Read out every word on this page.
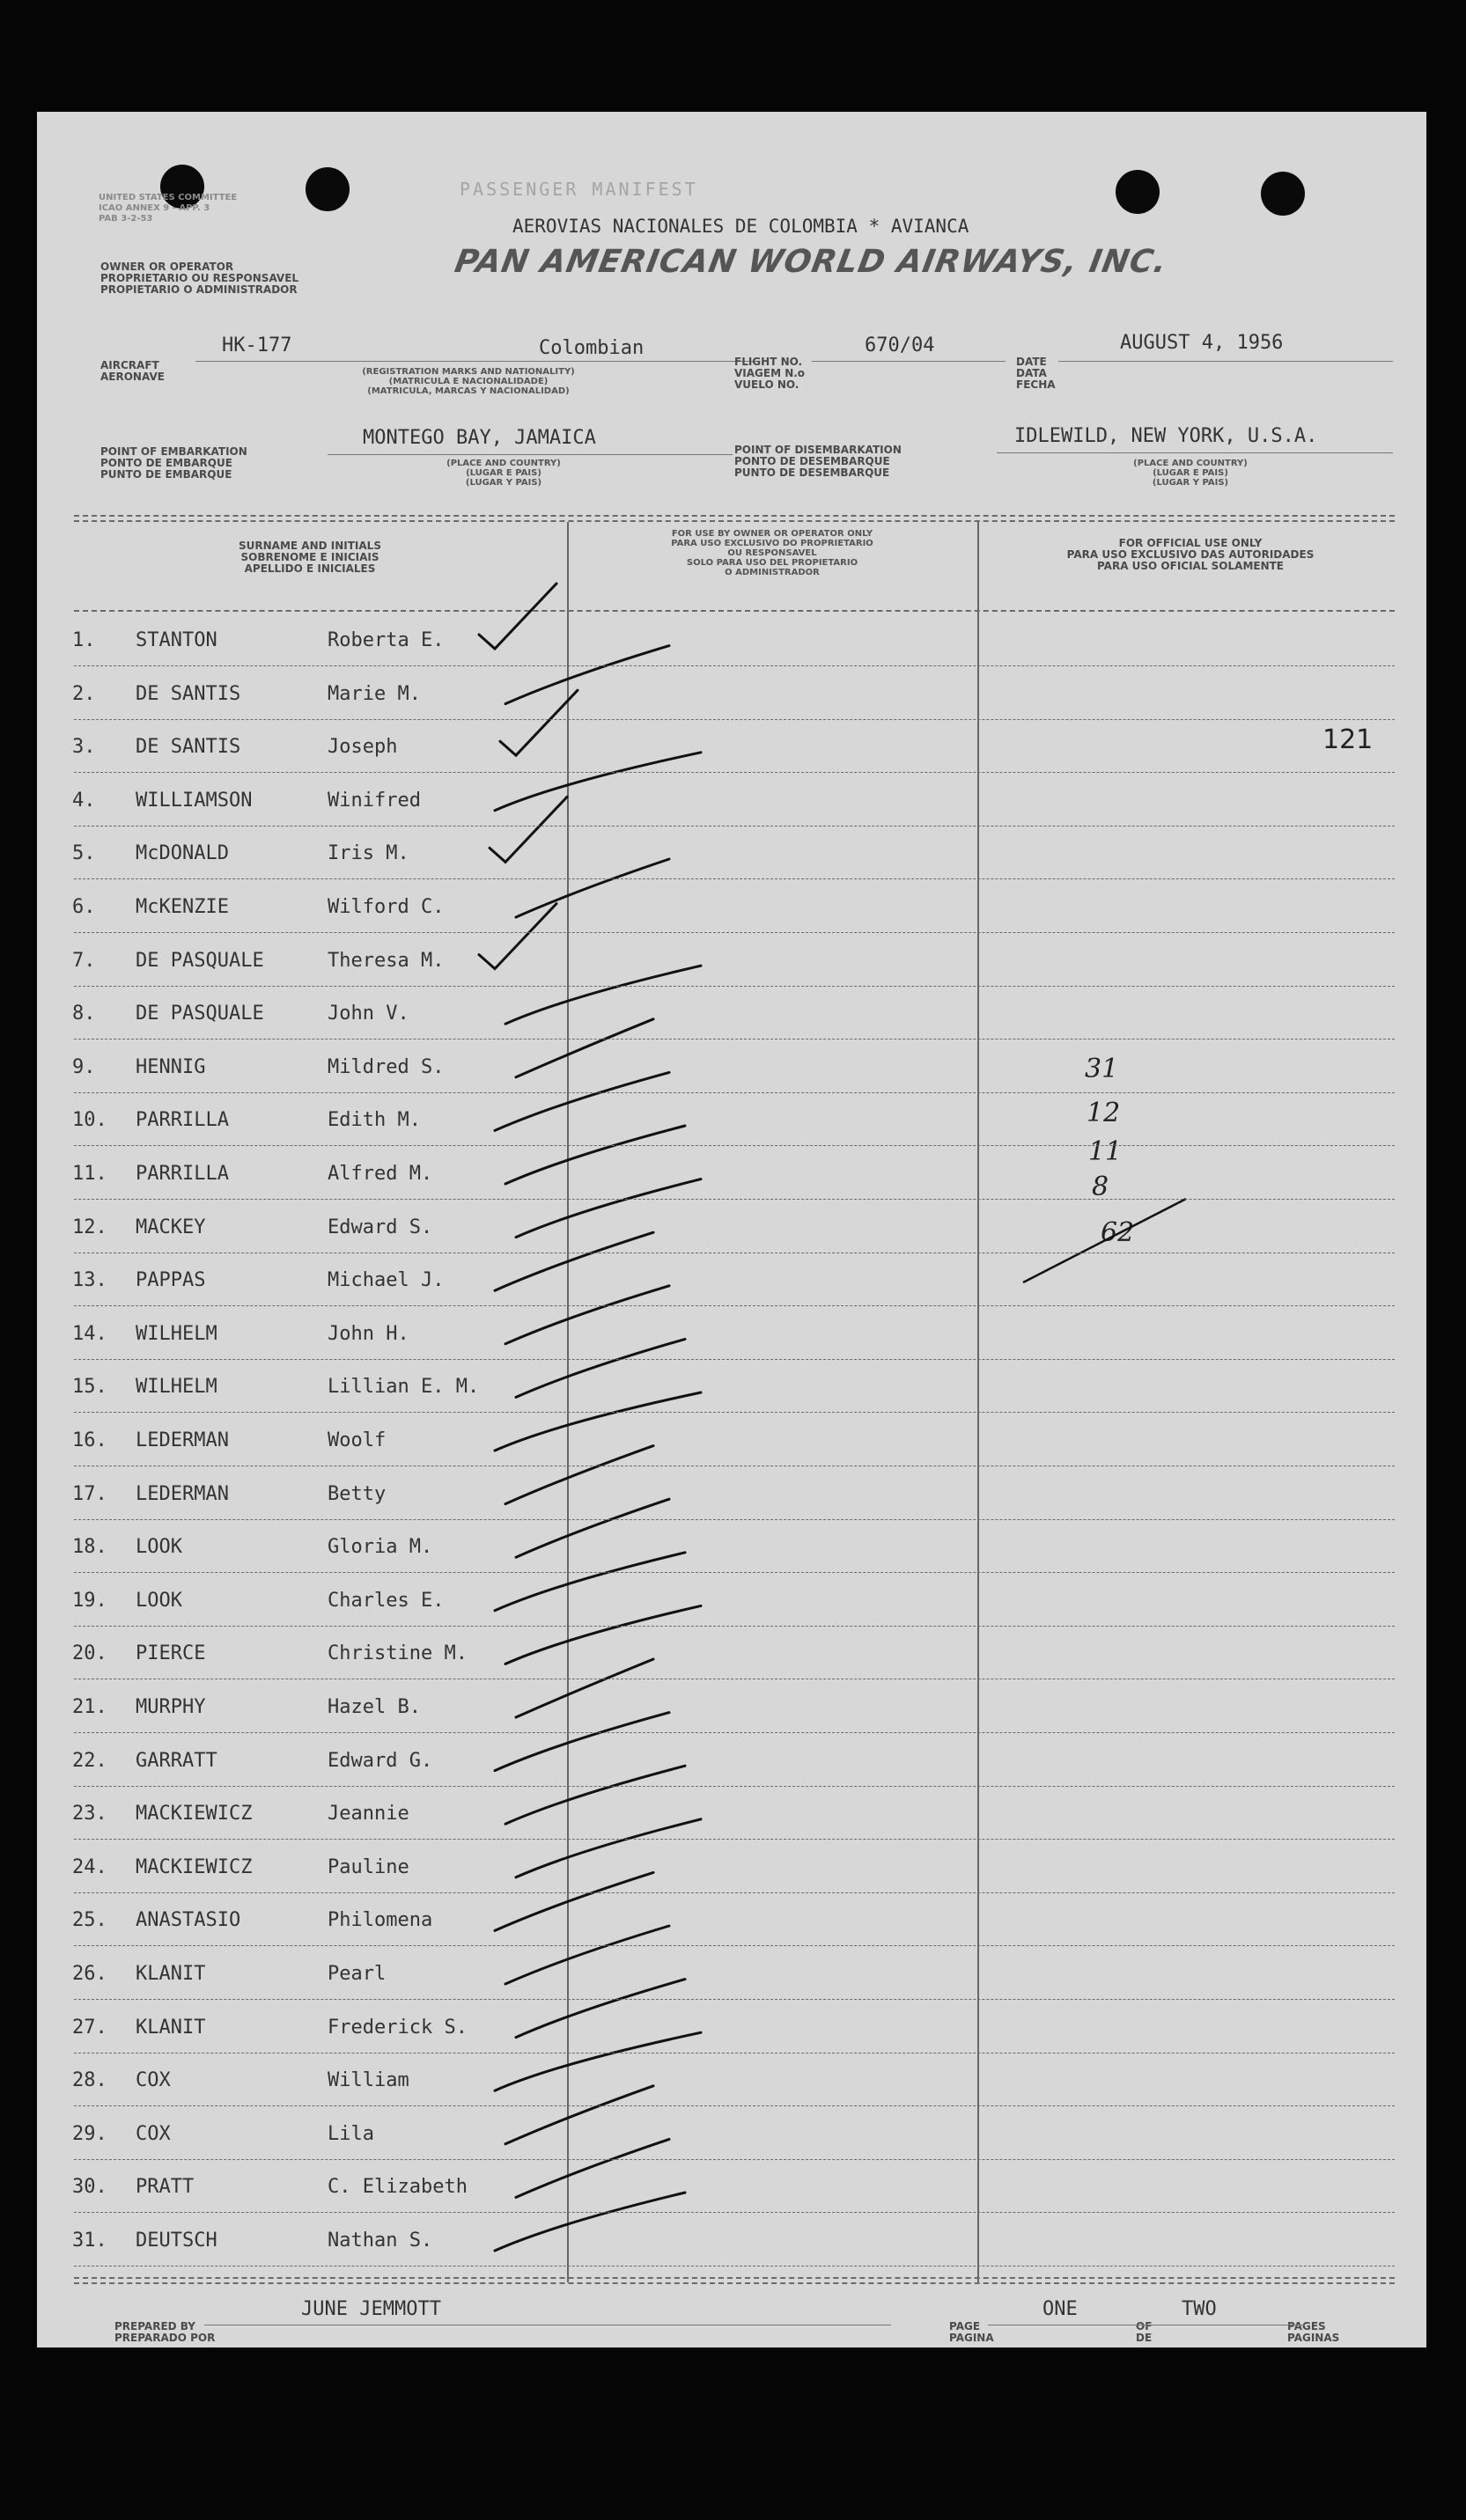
UNITED STATES COMMITTEE
ICAO ANNEX 9 - APP. 3
PAB 3-2-53
OWNER OR OPERATOR
PROPRIETARIO OU RESPONSAVEL
PROPIETARIO O ADMINISTRADOR
PASSENGER MANIFEST
AEROVIAS NACIONALES DE COLOMBIA * AVIANCA
PAN AMERICAN WORLD AIRWAYS, INC.
AIRCRAFT
AERONAVE
HK-177	Colombian
(REGISTRATION MARKS AND NATIONALITY)
(MATRICULA E NACIONALIDADE)
(MATRICULA, MARCAS Y NACIONALIDAD)
FLIGHT NO.
VIAGEM N.o
VUELO NO.
670/04
DATE
DATA
FECHA
AUGUST 4, 1956
POINT OF EMBARKATION
PONTO DE EMBARQUE
PUNTO DE EMBARQUE
MONTEGO BAY, JAMAICA
(PLACE AND COUNTRY)
(LUGAR E PAIS)
(LUGAR Y PAIS)
POINT OF DISEMBARKATION
PONTO DE DESEMBARQUE
PUNTO DE DESEMBARQUE
IDLEWILD, NEW YORK, U.S.A.
(PLACE AND COUNTRY)
(LUGAR E PAIS)
(LUGAR Y PAIS)
SURNAME AND INITIALS
SOBRENOME E INICIAIS
APELLIDO E INICIALES
FOR USE BY OWNER OR OPERATOR ONLY
PARA USO EXCLUSIVO DO PROPRIETARIO
OU RESPONSAVEL
SOLO PARA USO DEL PROPIETARIO
O ADMINISTRADOR
FOR OFFICIAL USE ONLY
PARA USO EXCLUSIVO DAS AUTORIDADES
PARA USO OFICIAL SOLAMENTE
1.	STANTON	Roberta E.
2.	DE SANTIS	Marie M.
3.	DE SANTIS	Joseph
4.	WILLIAMSON	Winifred
5.	McDONALD	Iris M.
6.	McKENZIE	Wilford C.
7.	DE PASQUALE	Theresa M.
8.	DE PASQUALE	John V.
9.	HENNIG	Mildred S.
10.	PARRILLA	Edith M.
11.	PARRILLA	Alfred M.
12.	MACKEY	Edward S.
13.	PAPPAS	Michael J.
14.	WILHELM	John H.
15.	WILHELM	Lillian E. M.
16.	LEDERMAN	Woolf
17.	LEDERMAN	Betty
18.	LOOK	Gloria M.
19.	LOOK	Charles E.
20.	PIERCE	Christine M.
21.	MURPHY	Hazel B.
22.	GARRATT	Edward G.
23.	MACKIEWICZ	Jeannie
24.	MACKIEWICZ	Pauline
25.	ANASTASIO	Philomena
26.	KLANIT	Pearl
27.	KLANIT	Frederick S.
28.	COX	William
29.	COX	Lila
30.	PRATT	C. Elizabeth
31.	DEUTSCH	Nathan S.
121
31
12
11
8
62
PREPARED BY
PREPARADO POR
JUNE JEMMOTT
PAGE
PAGINA
ONE
OF
DE
TWO
PAGES
PAGINAS
